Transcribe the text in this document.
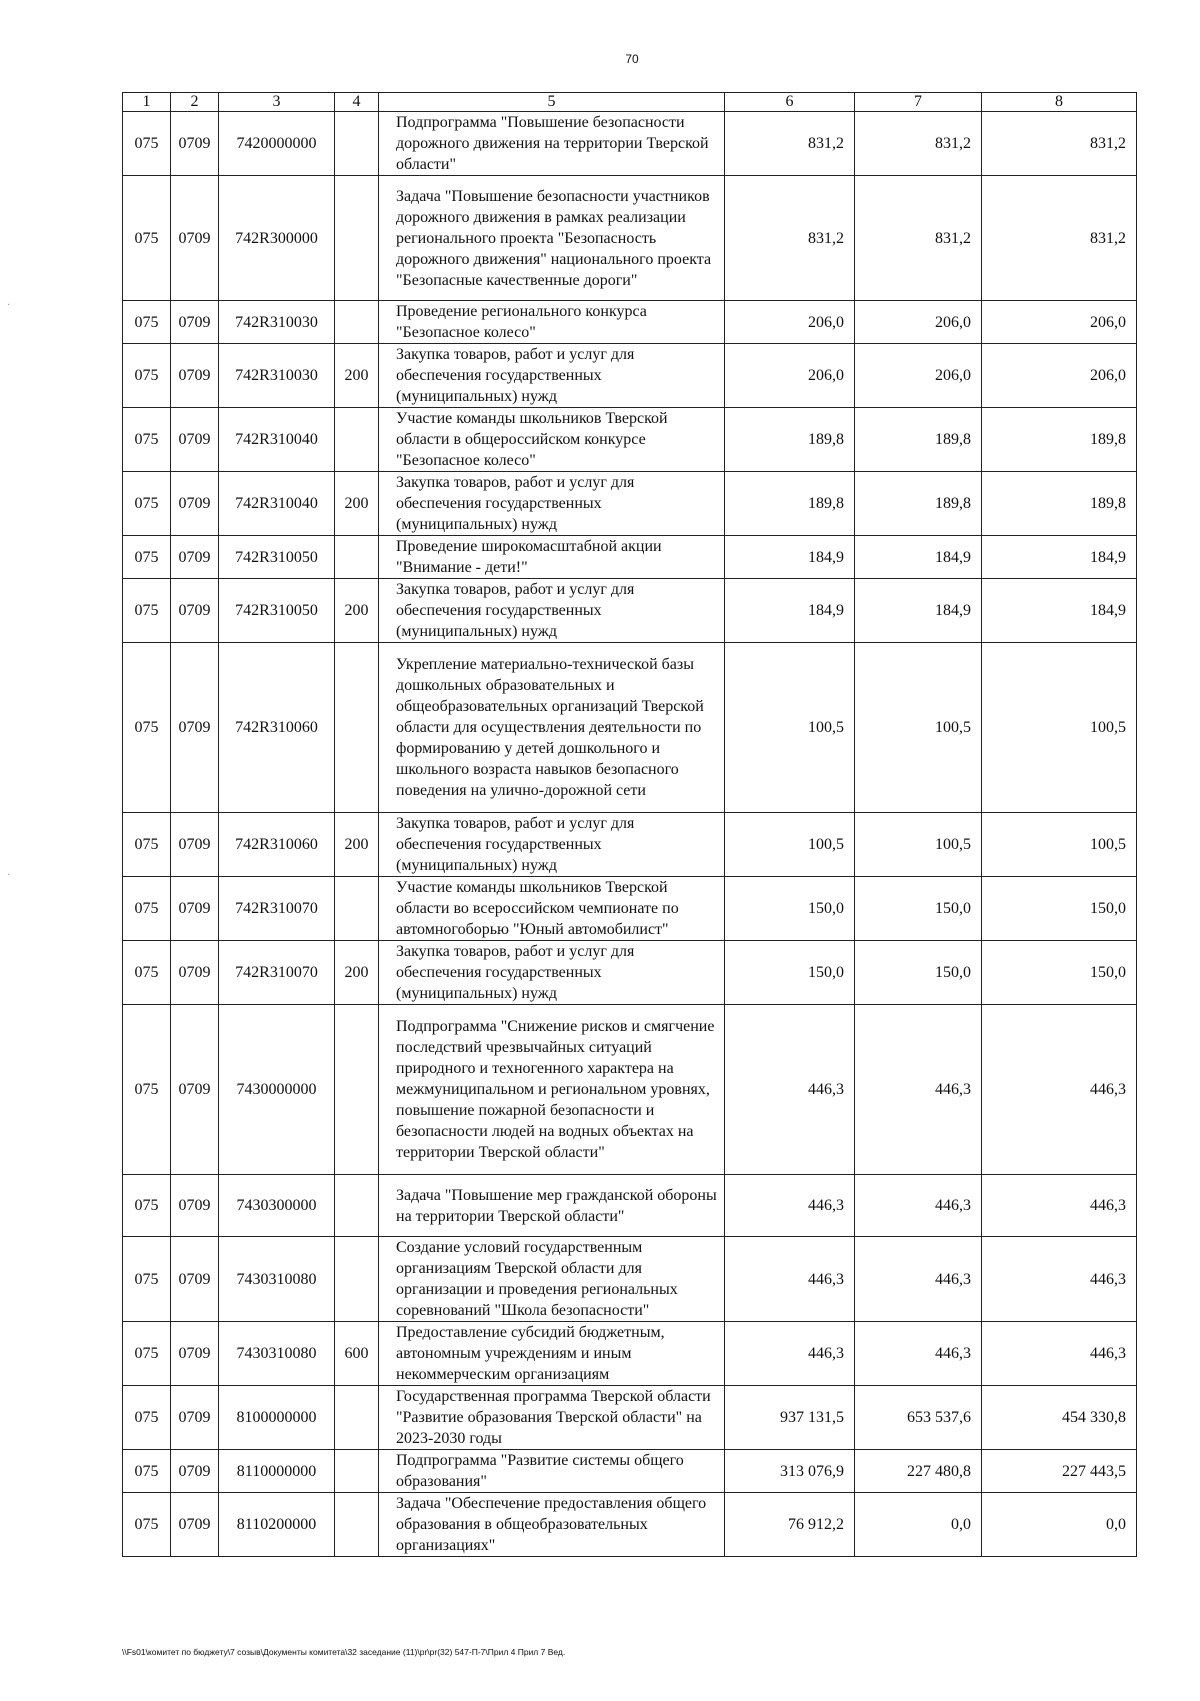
70
1	2	3	4	5	6	7	8
075	0709	7420000000		Подпрограмма "Повышение безопасности дорожного движения на территории Тверской области"	831,2	831,2	831,2
075	0709	742R300000		Задача "Повышение безопасности участников дорожного движения в рамках реализации регионального проекта "Безопасность дорожного движения" национального проекта "Безопасные качественные дороги"	831,2	831,2	831,2
075	0709	742R310030		Проведение регионального конкурса "Безопасное колесо"	206,0	206,0	206,0
075	0709	742R310030	200	Закупка товаров, работ и услуг для обеспечения государственных (муниципальных) нужд	206,0	206,0	206,0
075	0709	742R310040		Участие команды школьников Тверской области в общероссийском конкурсе "Безопасное колесо"	189,8	189,8	189,8
075	0709	742R310040	200	Закупка товаров, работ и услуг для обеспечения государственных (муниципальных) нужд	189,8	189,8	189,8
075	0709	742R310050		Проведение широкомасштабной акции "Внимание - дети!"	184,9	184,9	184,9
075	0709	742R310050	200	Закупка товаров, работ и услуг для обеспечения государственных (муниципальных) нужд	184,9	184,9	184,9
075	0709	742R310060		Укрепление материально-технической базы дошкольных образовательных и общеобразовательных организаций Тверской области для осуществления деятельности по формированию у детей дошкольного и школьного возраста навыков безопасного поведения на улично-дорожной сети	100,5	100,5	100,5
075	0709	742R310060	200	Закупка товаров, работ и услуг для обеспечения государственных (муниципальных) нужд	100,5	100,5	100,5
075	0709	742R310070		Участие команды школьников Тверской области во всероссийском чемпионате по автомногоборью "Юный автомобилист"	150,0	150,0	150,0
075	0709	742R310070	200	Закупка товаров, работ и услуг для обеспечения государственных (муниципальных) нужд	150,0	150,0	150,0
075	0709	7430000000		Подпрограмма "Снижение рисков и смягчение последствий чрезвычайных ситуаций природного и техногенного характера на межмуниципальном и региональном уровнях, повышение пожарной безопасности и безопасности людей на водных объектах на территории Тверской области"	446,3	446,3	446,3
075	0709	7430300000		Задача "Повышение мер гражданской обороны на территории Тверской области"	446,3	446,3	446,3
075	0709	7430310080		Создание условий государственным организациям Тверской области для организации и проведения региональных соревнований "Школа безопасности"	446,3	446,3	446,3
075	0709	7430310080	600	Предоставление субсидий бюджетным, автономным учреждениям и иным некоммерческим организациям	446,3	446,3	446,3
075	0709	8100000000		Государственная программа Тверской области "Развитие образования Тверской области" на 2023-2030 годы	937 131,5	653 537,6	454 330,8
075	0709	8110000000		Подпрограмма "Развитие системы общего образования"	313 076,9	227 480,8	227 443,5
075	0709	8110200000		Задача "Обеспечение предоставления общего образования в общеобразовательных организациях"	76 912,2	0,0	0,0
\\Fs01\комитет по бюджету\7 созыв\Документы комитета\32 заседание (11)\pr\pr(32) 547-П-7\Прил 4 Прил 7 Вед.
·
·
